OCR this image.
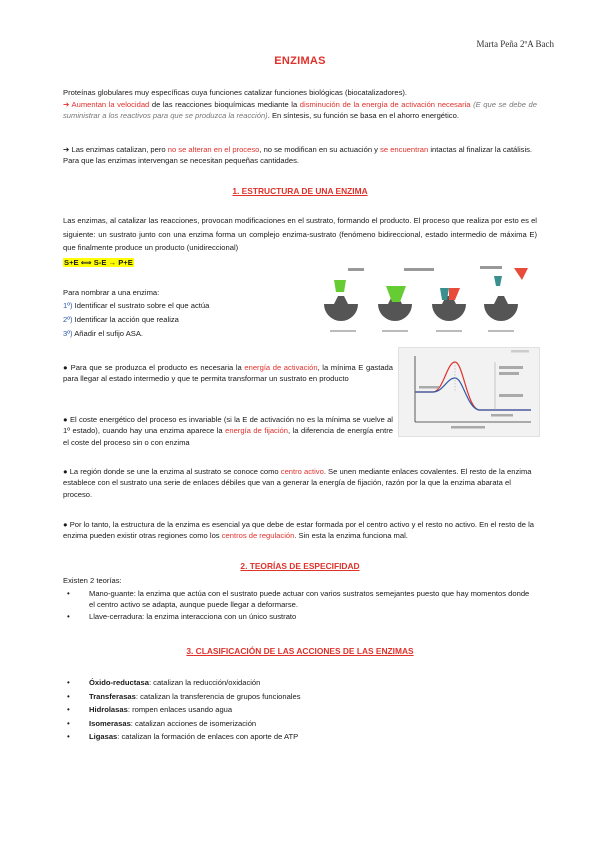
Marta Peña 2ºA Bach
ENZIMAS

Proteínas globulares muy específicas cuya funciones catalizar funciones biológicas (biocatalizadores).

➔ Aumentan la velocidad de las reacciones bioquímicas mediante la disminución de la energía de activación necesaria (E que se debe de suministrar a los reactivos para que se produzca la reacción). En síntesis, su función se basa en el ahorro energético.

➔ Las enzimas catalizan, pero no se alteran en el proceso, no se modifican en su actuación y se encuentran intactas al finalizar la catálisis. Para que las enzimas intervengan se necesitan pequeñas cantidades.

1. ESTRUCTURA DE UNA ENZIMA

Las enzimas, al catalizar las reacciones, provocan modificaciones en el sustrato, formando el producto. El proceso que realiza por esto es el siguiente: un sustrato junto con una enzima forma un complejo enzima-sustrato (fenómeno bidireccional, estado intermedio de máxima E) que finalmente produce un producto (unidireccional)

S+E ⟺ S-E → P+E

Para nombrar a una enzima:

1º) Identificar el sustrato sobre el que actúa
2º) Identificar la acción que realiza
3º) Añadir el sufijo ASA.

● Para que se produzca el producto es necesaria la energía de activación, la mínima E gastada para llegar al estado intermedio y que te permita transformar un sustrato en producto

● El coste energético del proceso es invariable (si la E de activación no es la mínima se vuelve al 1º estado), cuando hay una enzima aparece la energía de fijación, la diferencia de energía entre el coste del proceso sin o con enzima

● La región donde se une la enzima al sustrato se conoce como centro activo. Se unen mediante enlaces covalentes. El resto de la enzima establece con el sustrato una serie de enlaces débiles que van a generar la energía de fijación, razón por la que la enzima abarata el proceso.

● Por lo tanto, la estructura de la enzima es esencial ya que debe de estar formada por el centro activo y el resto no activo. En el resto de la enzima pueden existir otras regiones como los centros de regulación. Sin esta la enzima funciona mal.

2. TEORÍAS DE ESPECIFIDAD

Existen 2 teorías:

•	Mano-guante: la enzima que actúa con el sustrato puede actuar con varios sustratos semejantes puesto que hay momentos donde el centro activo se adapta, aunque puede llegar a deformarse.
•	Llave-cerradura: la enzima interacciona con un único sustrato
3. CLASIFICACIÓN DE LAS ACCIONES DE LAS ENZIMAS
•	Óxido-reductasa: catalizan la reducción/oxidación
•	Transferasas: catalizan la transferencia de grupos funcionales
•	Hidrolasas: rompen enlaces usando agua
•	Isomerasas: catalizan acciones de isomerización
•	Ligasas: catalizan la formación de enlaces con aporte de ATP
